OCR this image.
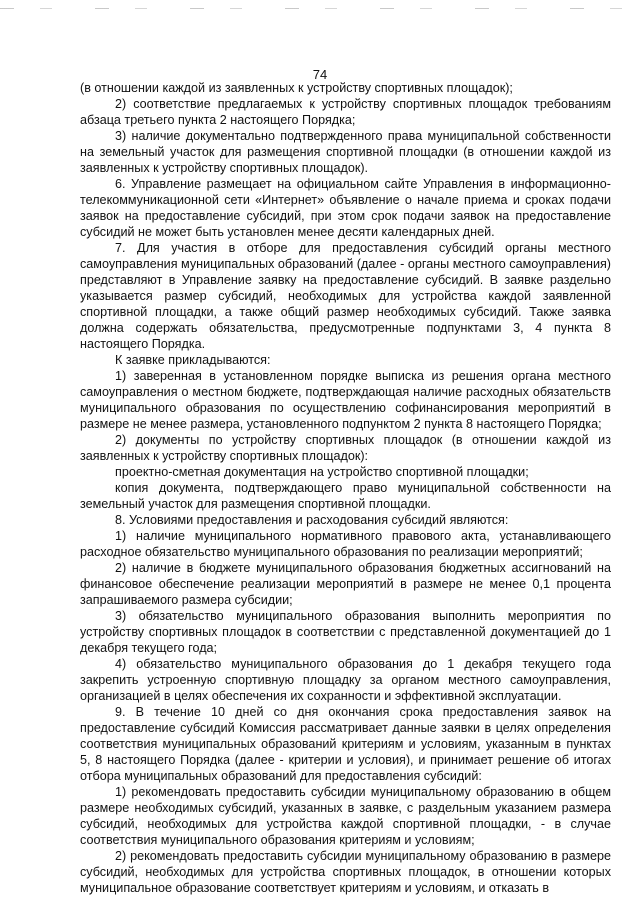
74

(в отношении каждой из заявленных к устройству спортивных площадок);

2) соответствие предлагаемых к устройству спортивных площадок требованиям абзаца третьего пункта 2 настоящего Порядка;

3) наличие документально подтвержденного права муниципальной собственности на земельный участок для размещения спортивной площадки (в отношении каждой из заявленных к устройству спортивных площадок).

6. Управление размещает на официальном сайте Управления в информационно-телекоммуникационной сети «Интернет» объявление о начале приема и сроках подачи заявок на предоставление субсидий, при этом срок подачи заявок на предоставление субсидий не может быть установлен менее десяти календарных дней.

7. Для участия в отборе для предоставления субсидий органы местного самоуправления муниципальных образований (далее - органы местного самоуправления) представляют в Управление заявку на предоставление субсидий. В заявке раздельно указывается размер субсидий, необходимых для устройства каждой заявленной спортивной площадки, а также общий размер необходимых субсидий. Также заявка должна содержать обязательства, предусмотренные подпунктами 3, 4 пункта 8 настоящего Порядка.

К заявке прикладываются:

1) заверенная в установленном порядке выписка из решения органа местного самоуправления о местном бюджете, подтверждающая наличие расходных обязательств муниципального образования по осуществлению софинансирования мероприятий в размере не менее размера, установленного подпунктом 2 пункта 8 настоящего Порядка;

2) документы по устройству спортивных площадок (в отношении каждой из заявленных к устройству спортивных площадок):

проектно-сметная документация на устройство спортивной площадки;

копия документа, подтверждающего право муниципальной собственности на земельный участок для размещения спортивной площадки.

8. Условиями предоставления и расходования субсидий являются:

1) наличие муниципального нормативного правового акта, устанавливающего расходное обязательство муниципального образования по реализации мероприятий;

2) наличие в бюджете муниципального образования бюджетных ассигнований на финансовое обеспечение реализации мероприятий в размере не менее 0,1 процента запрашиваемого размера субсидии;

3) обязательство муниципального образования выполнить мероприятия по устройству спортивных площадок в соответствии с представленной документацией до 1 декабря текущего года;

4) обязательство муниципального образования до 1 декабря текущего года закрепить устроенную спортивную площадку за органом местного самоуправления, организацией в целях обеспечения их сохранности и эффективной эксплуатации.

9. В течение 10 дней со дня окончания срока предоставления заявок на предоставление субсидий Комиссия рассматривает данные заявки в целях определения соответствия муниципальных образований критериям и условиям, указанным в пунктах 5, 8 настоящего Порядка (далее - критерии и условия), и принимает решение об итогах отбора муниципальных образований для предоставления субсидий:

1) рекомендовать предоставить субсидии муниципальному образованию в общем размере необходимых субсидий, указанных в заявке, с раздельным указанием размера субсидий, необходимых для устройства каждой спортивной площадки, - в случае соответствия муниципального образования критериям и условиям;

2) рекомендовать предоставить субсидии муниципальному образованию в размере субсидий, необходимых для устройства спортивных площадок, в отношении которых муниципальное образование соответствует критериям и условиям, и отказать в
